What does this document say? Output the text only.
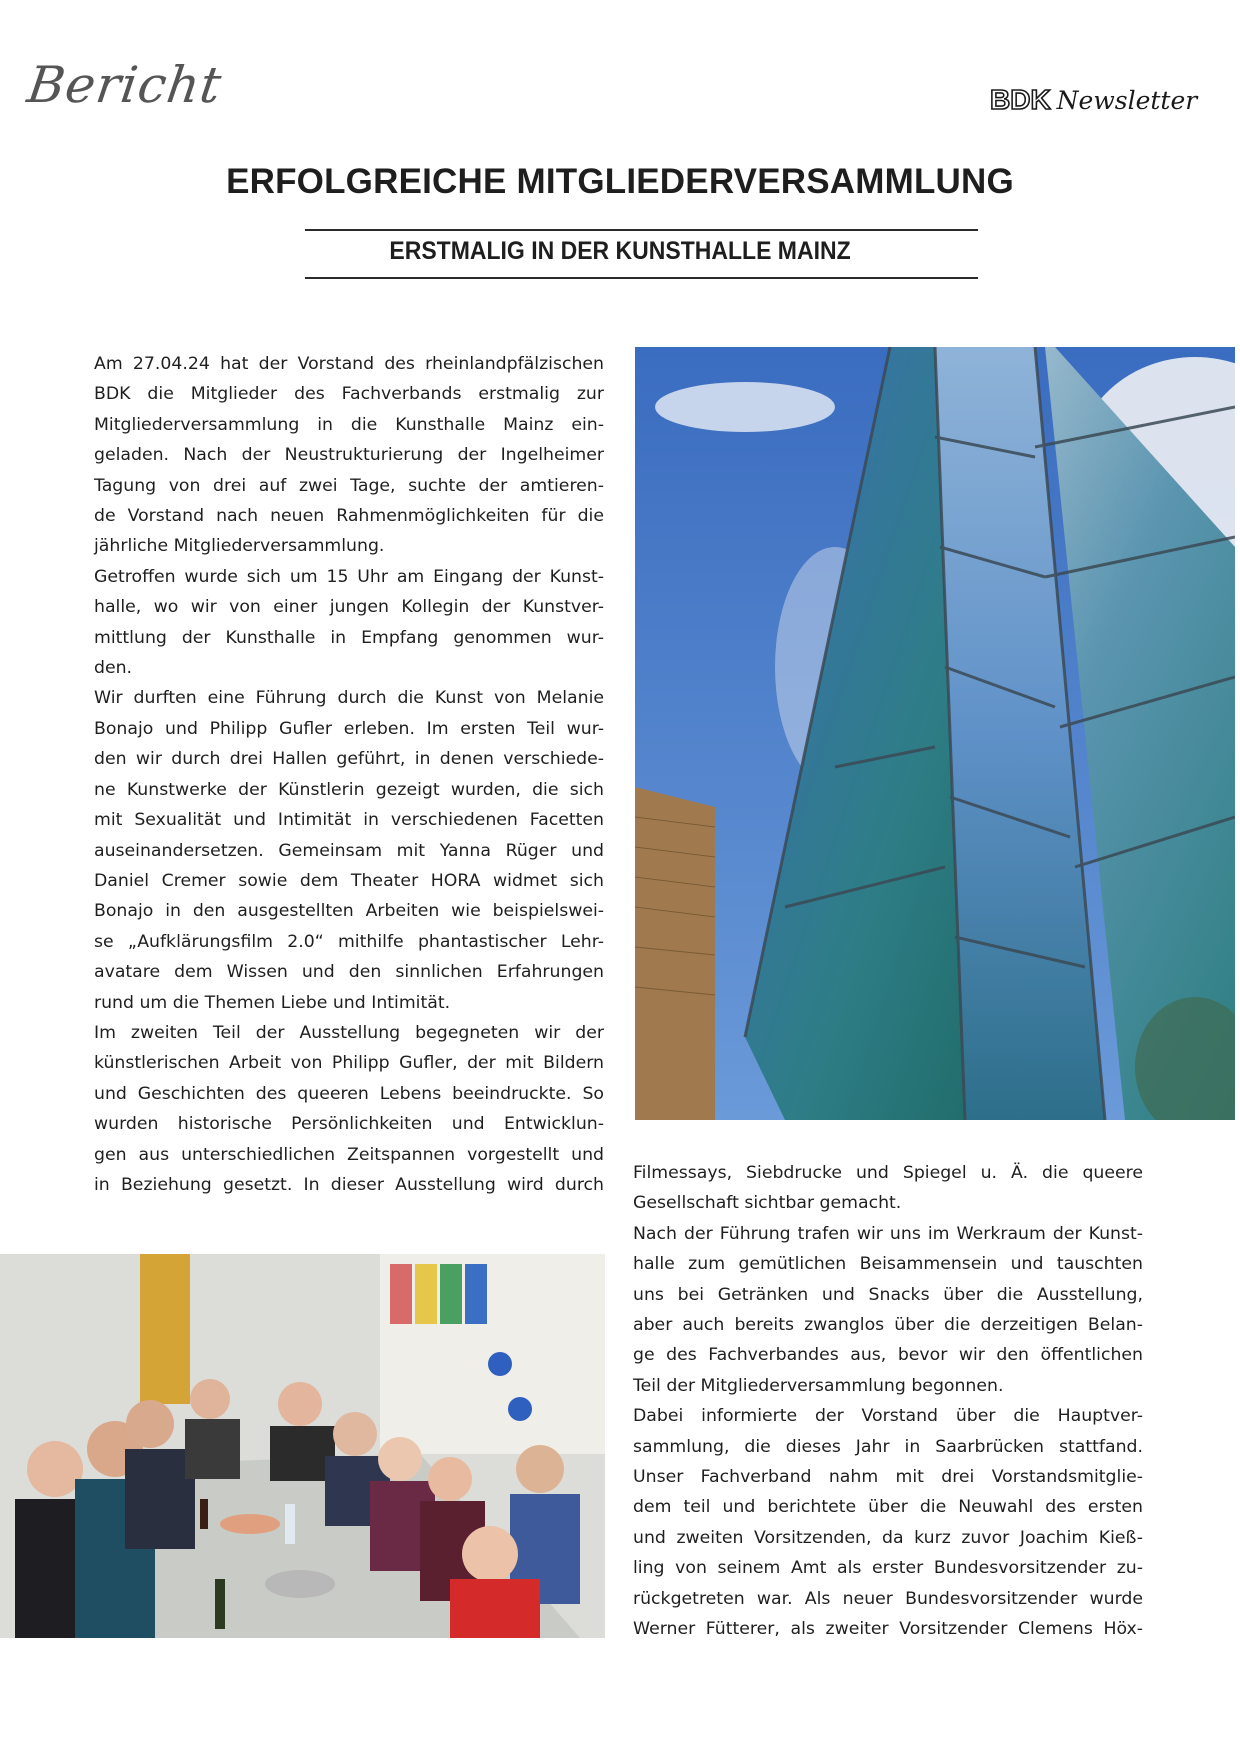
Bericht	BDK Newsletter
ERFOLGREICHE MITGLIEDERVERSAMMLUNG
ERSTMALIG IN DER KUNSTHALLE MAINZ
Am 27.04.24 hat der Vorstand des rheinlandpfälzischen
BDK die Mitglieder des Fachverbands erstmalig zur
Mitgliederversammlung in die Kunsthalle Mainz ein-
geladen. Nach der Neustrukturierung der Ingelheimer
Tagung von drei auf zwei Tage, suchte der amtieren-
de Vorstand nach neuen Rahmenmöglichkeiten für die
jährliche Mitgliederversammlung.
Getroffen wurde sich um 15 Uhr am Eingang der Kunst-
halle, wo wir von einer jungen Kollegin der Kunstver-
mittlung der Kunsthalle in Empfang genommen wur-
den.
Wir durften eine Führung durch die Kunst von Melanie
Bonajo und Philipp Gufler erleben. Im ersten Teil wur-
den wir durch drei Hallen geführt, in denen verschiede-
ne Kunstwerke der Künstlerin gezeigt wurden, die sich
mit Sexualität und Intimität in verschiedenen Facetten
auseinandersetzen. Gemeinsam mit Yanna Rüger und
Daniel Cremer sowie dem Theater HORA widmet sich
Bonajo in den ausgestellten Arbeiten wie beispielswei-
se „Aufklärungsfilm 2.0“ mithilfe phantastischer Lehr-
avatare dem Wissen und den sinnlichen Erfahrungen
rund um die Themen Liebe und Intimität.
Im zweiten Teil der Ausstellung begegneten wir der
künstlerischen Arbeit von Philipp Gufler, der mit Bildern
und Geschichten des queeren Lebens beeindruckte. So
wurden historische Persönlichkeiten und Entwicklun-
gen aus unterschiedlichen Zeitspannen vorgestellt und
in Beziehung gesetzt. In dieser Ausstellung wird durch
Filmessays, Siebdrucke und Spiegel u. Ä. die queere
Gesellschaft sichtbar gemacht.
Nach der Führung trafen wir uns im Werkraum der Kunst-
halle zum gemütlichen Beisammensein und tauschten
uns bei Getränken und Snacks über die Ausstellung,
aber auch bereits zwanglos über die derzeitigen Belan-
ge des Fachverbandes aus, bevor wir den öffentlichen
Teil der Mitgliederversammlung begonnen.
Dabei informierte der Vorstand über die Hauptver-
sammlung, die dieses Jahr in Saarbrücken stattfand.
Unser Fachverband nahm mit drei Vorstandsmitglie-
dem teil und berichtete über die Neuwahl des ersten
und zweiten Vorsitzenden, da kurz zuvor Joachim Kieß-
ling von seinem Amt als erster Bundesvorsitzender zu-
rückgetreten war. Als neuer Bundesvorsitzender wurde
Werner Fütterer, als zweiter Vorsitzender Clemens Höx-
